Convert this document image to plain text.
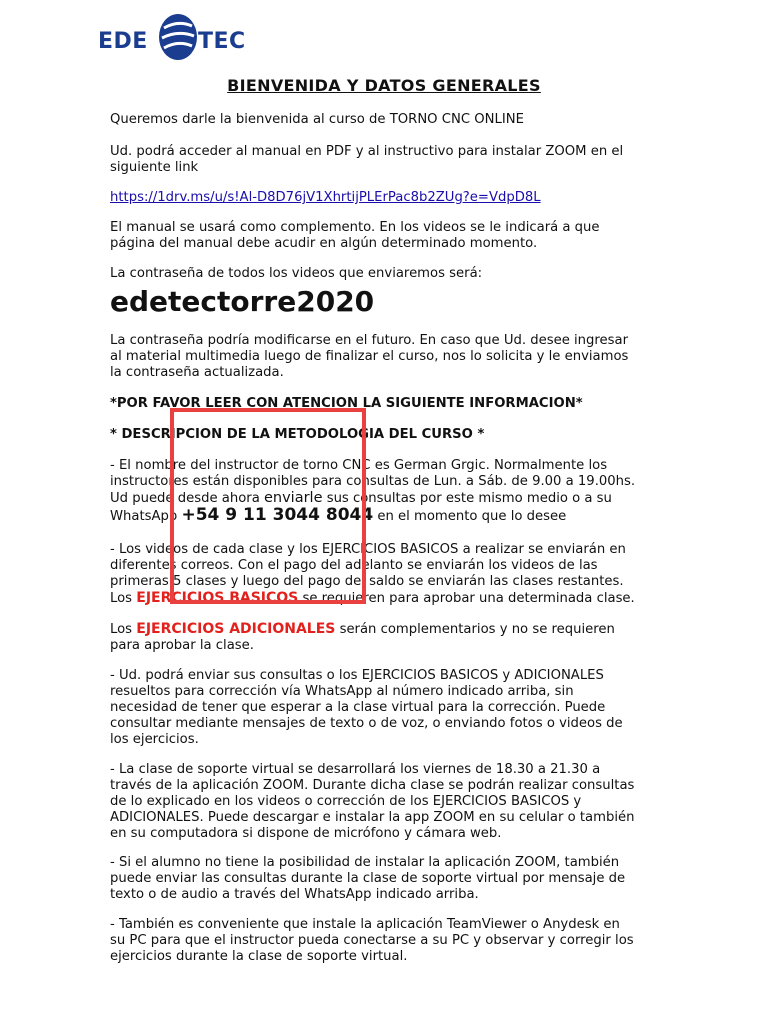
EDE TEC
BIENVENIDA Y DATOS GENERALES

Queremos darle la bienvenida al curso de TORNO CNC ONLINE

Ud. podrá acceder al manual en PDF y al instructivo para instalar ZOOM en el
siguiente link

https://1drv.ms/u/s!Al-D8D76jV1XhrtijPLErPac8b2ZUg?e=VdpD8L

El manual se usará como complemento. En los videos se le indicará a que
página del manual debe acudir en algún determinado momento.

La contraseña de todos los videos que enviaremos será:

edetectorre2020

La contraseña podría modificarse en el futuro. En caso que Ud. desee ingresar
al material multimedia luego de finalizar el curso, nos lo solicita y le enviamos
la contraseña actualizada.

*POR FAVOR LEER CON ATENCION LA SIGUIENTE INFORMACION*

* DESCRIPCION DE LA METODOLOGIA DEL CURSO *

- El nombre del instructor de torno CNC es German Grgic. Normalmente los
instructores están disponibles para consultas de Lun. a Sáb. de 9.00 a 19.00hs.
Ud puede desde ahora enviarle sus consultas por este mismo medio o a su
WhatsApp +54 9 11 3044 8044 en el momento que lo desee

- Los videos de cada clase y los EJERCICIOS BASICOS a realizar se enviarán en
diferentes correos. Con el pago del adelanto se enviarán los videos de las
primeras 5 clases y luego del pago del saldo se enviarán las clases restantes.
Los EJERCICIOS BASICOS se requieren para aprobar una determinada clase.

Los EJERCICIOS ADICIONALES serán complementarios y no se requieren
para aprobar la clase.

- Ud. podrá enviar sus consultas o los EJERCICIOS BASICOS y ADICIONALES
resueltos para corrección vía WhatsApp al número indicado arriba, sin
necesidad de tener que esperar a la clase virtual para la corrección. Puede
consultar mediante mensajes de texto o de voz, o enviando fotos o videos de
los ejercicios.

- La clase de soporte virtual se desarrollará los viernes de 18.30 a 21.30 a
través de la aplicación ZOOM. Durante dicha clase se podrán realizar consultas
de lo explicado en los videos o corrección de los EJERCICIOS BASICOS y
ADICIONALES. Puede descargar e instalar la app ZOOM en su celular o también
en su computadora si dispone de micrófono y cámara web.

- Si el alumno no tiene la posibilidad de instalar la aplicación ZOOM, también
puede enviar las consultas durante la clase de soporte virtual por mensaje de
texto o de audio a través del WhatsApp indicado arriba.

- También es conveniente que instale la aplicación TeamViewer o Anydesk en
su PC para que el instructor pueda conectarse a su PC y observar y corregir los
ejercicios durante la clase de soporte virtual.
